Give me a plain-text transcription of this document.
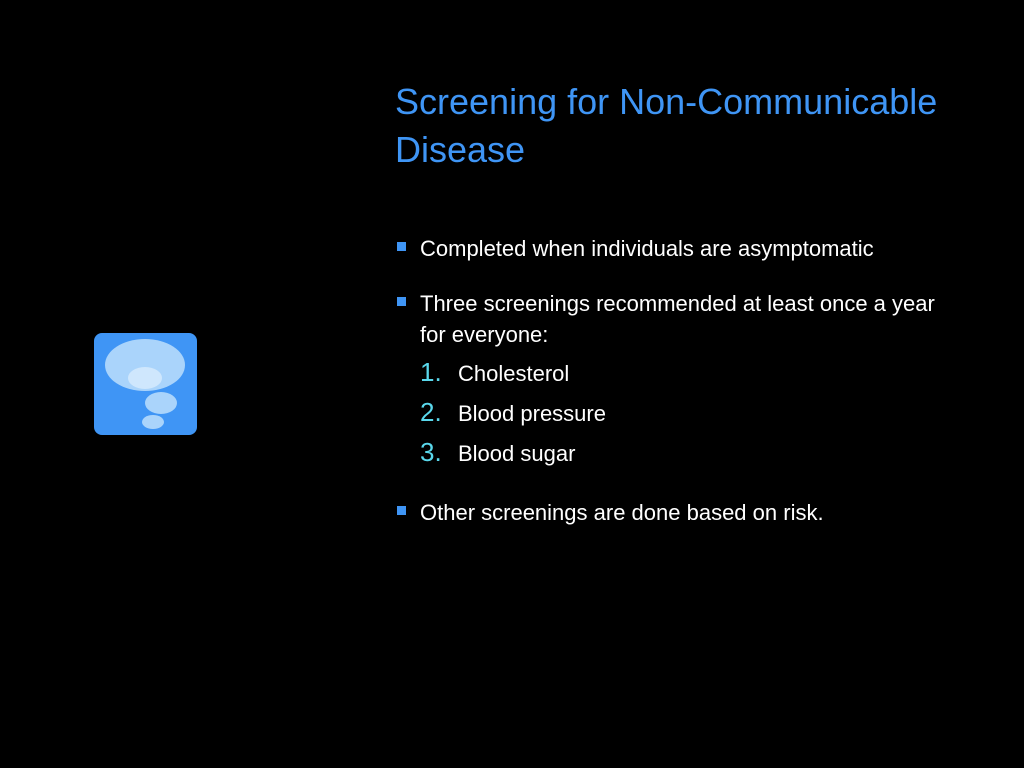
Screening for Non-Communicable Disease
Completed when individuals are asymptomatic
Three screenings recommended at least once a year for everyone:
1. Cholesterol
2. Blood pressure
3. Blood sugar
Other screenings are done based on risk.
